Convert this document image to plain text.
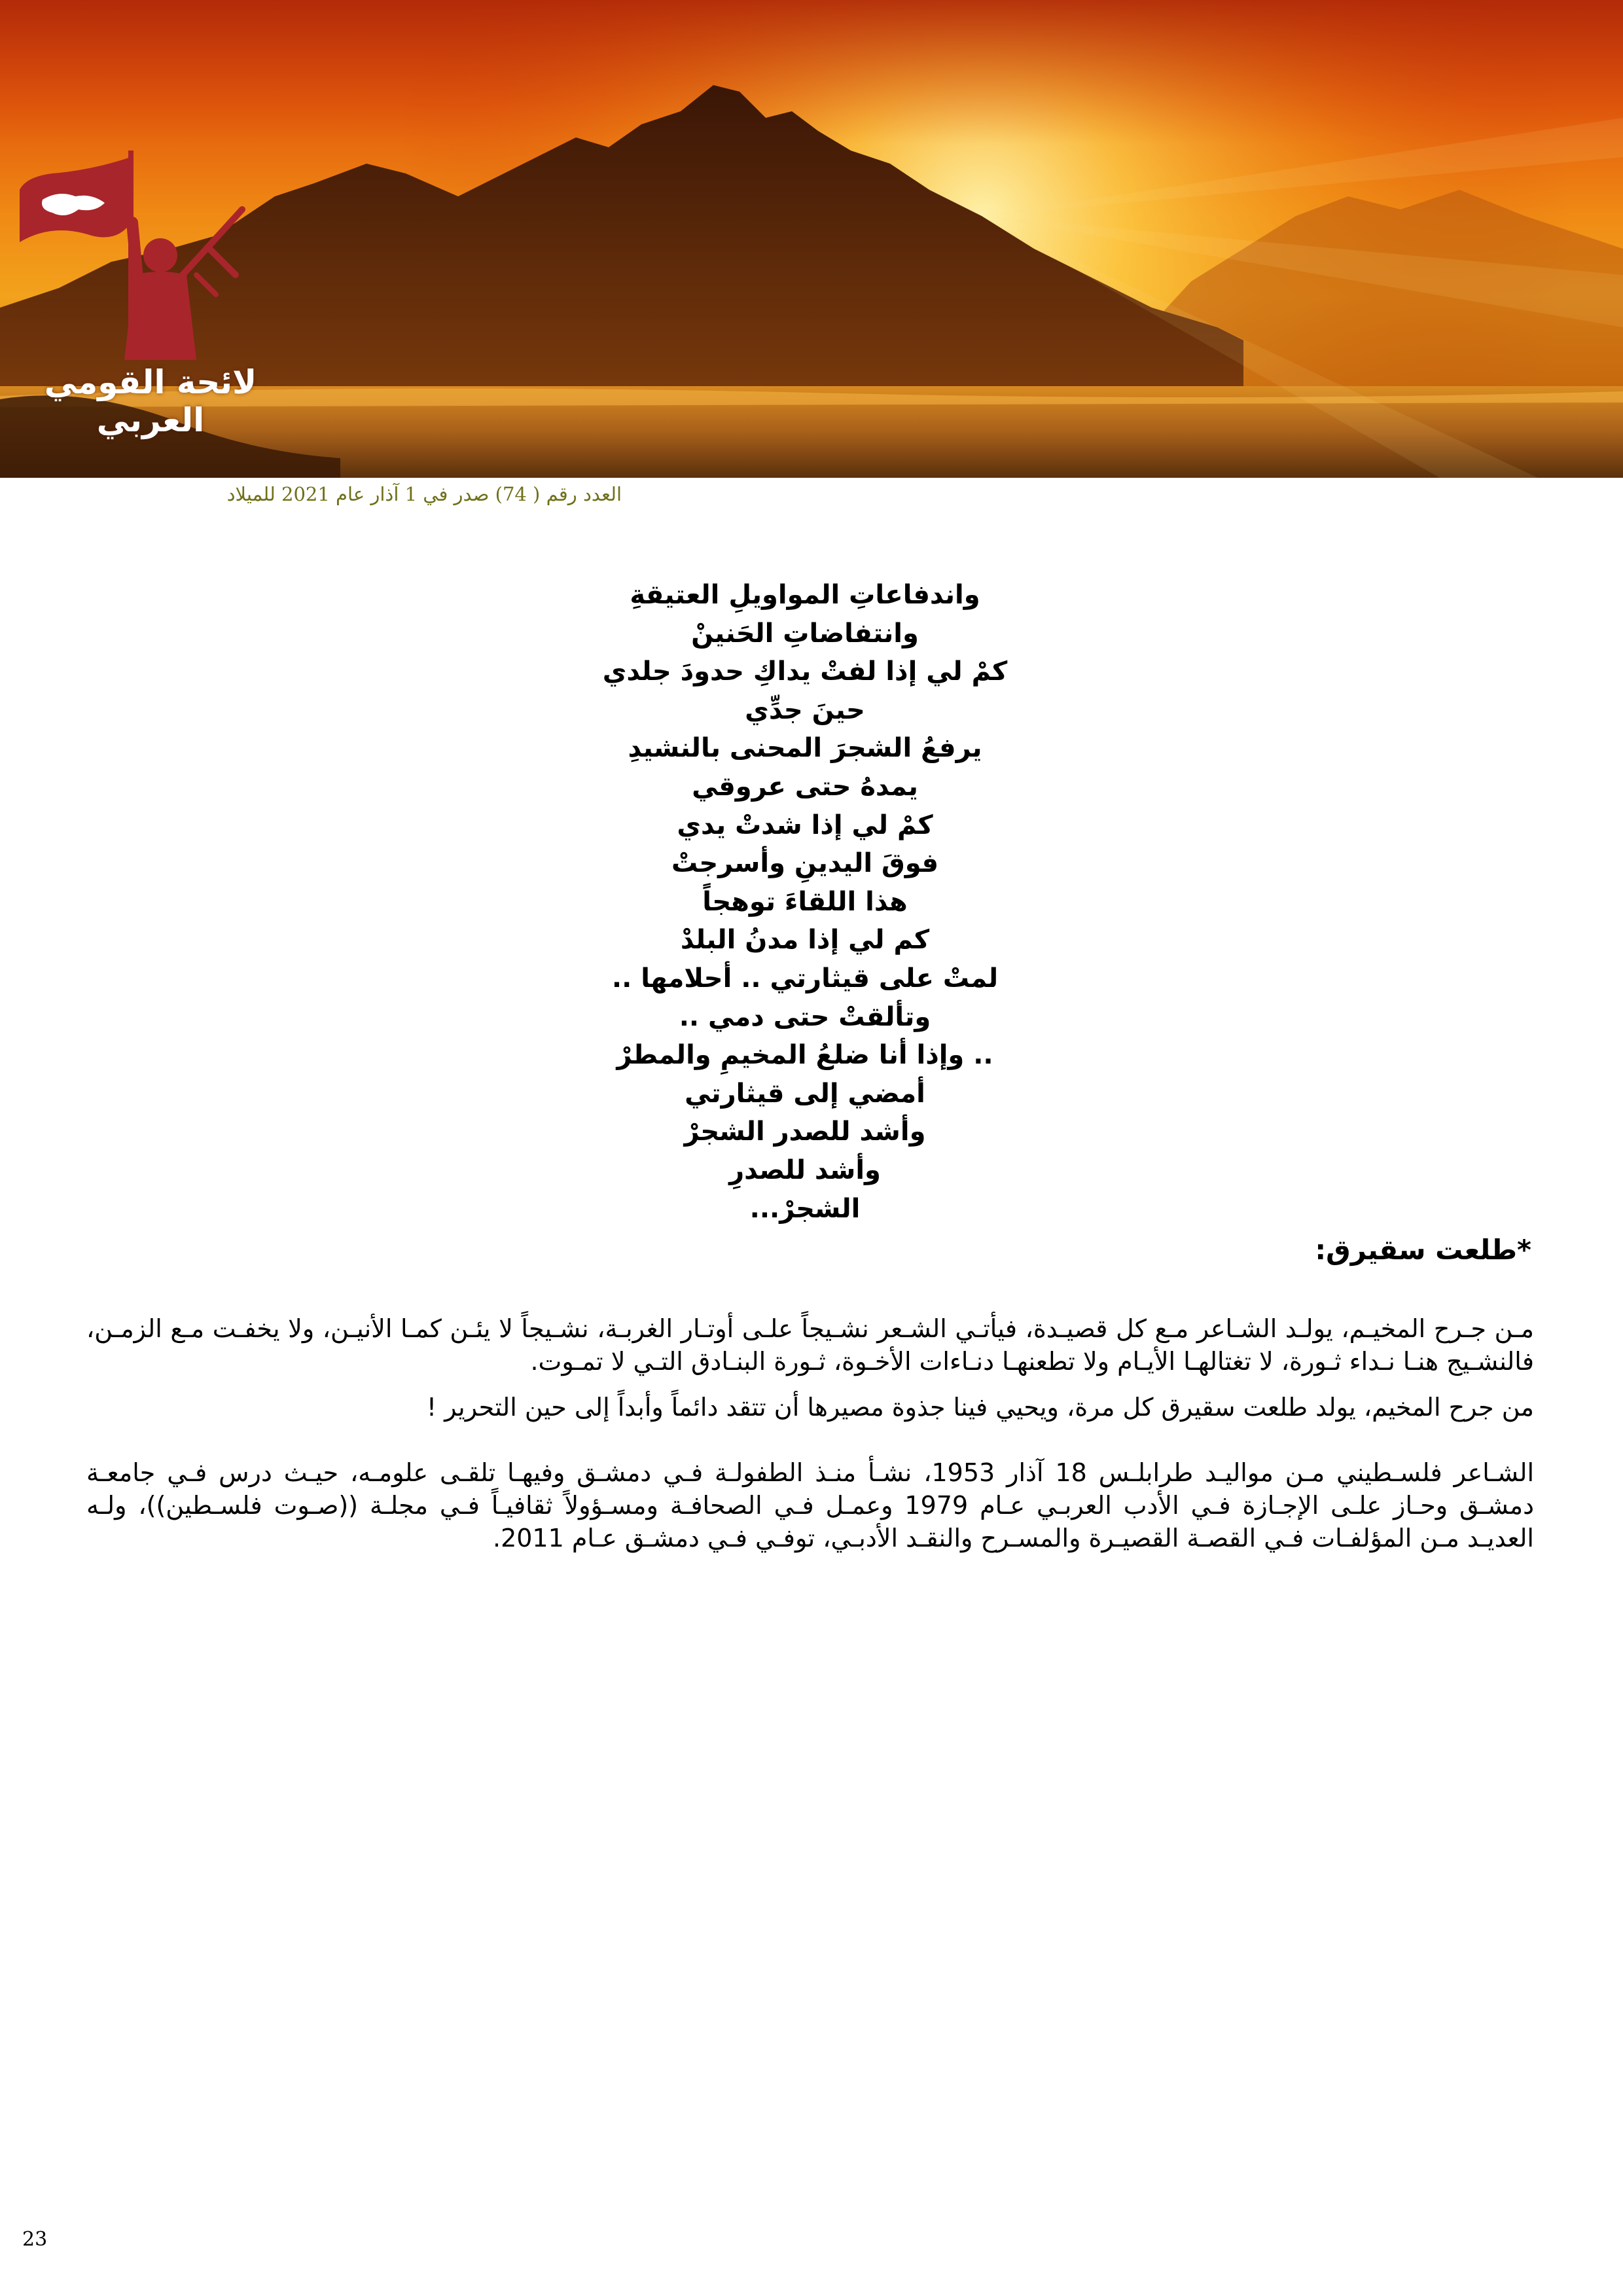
لائحة القومي العربي
العدد رقم ( 74) صدر في 1 آذار عام 2021 للميلاد
واندفاعاتِ المواويلِ العتيقةِ
وانتفاضاتِ الحَنينْ
كمْ لي إذا لفتْ يداكِ حدودَ جلدي
حينَ جدِّي
يرفعُ الشجرَ المحنى بالنشيدِ
يمدهُ حتى عروقي
كمْ لي إذا شدتْ يدي
فوقَ اليدينِ وأسرجتْ
هذا اللقاءَ توهجاً
كم لي إذا مدنُ البلدْ
لمتْ على قيثارتي .. أحلامها ..
وتألقتْ حتى دمي ..
.. وإذا أنا ضلعُ المخيمِ والمطرْ
أمضي إلى قيثارتي
وأشد للصدر الشجرْ
وأشد للصدرِ
الشجرْ...
*طلعت سقيرق:
مـن جـرح المخيـم، يولـد الشـاعر مـع كل قصيـدة، فيأتـي الشـعر نشـيجاً علـى أوتـار الغربـة، نشـيجاً لا يئـن كمـا الأنيـن، ولا يخفـت مـع الزمـن، فالنشـيج هنـا نـداء ثـورة، لا تغتالهـا الأيـام ولا تطعنهـا دنـاءات الأخـوة، ثـورة البنـادق التـي لا تمـوت.
من جرح المخيم، يولد طلعت سقيرق كل مرة، ويحيي فينا جذوة مصيرها أن تتقد دائماً وأبداً إلى حين التحرير !
الشـاعر فلسـطيني مـن مواليـد طرابلـس 18 آذار 1953، نشـأ منـذ الطفولـة فـي دمشـق وفيهـا تلقـى علومـه، حيـث درس فـي جامعـة دمشـق وحـاز علـى الإجـازة فـي الأدب العربـي عـام 1979 وعمـل فـي الصحافـة ومسـؤولاً ثقافيـاً فـي مجلـة ((صـوت فلسـطين))، ولـه العديـد مـن المؤلفـات فـي القصـة القصيـرة والمسـرح والنقـد الأدبـي، توفـي فـي دمشـق عـام 2011.
23
